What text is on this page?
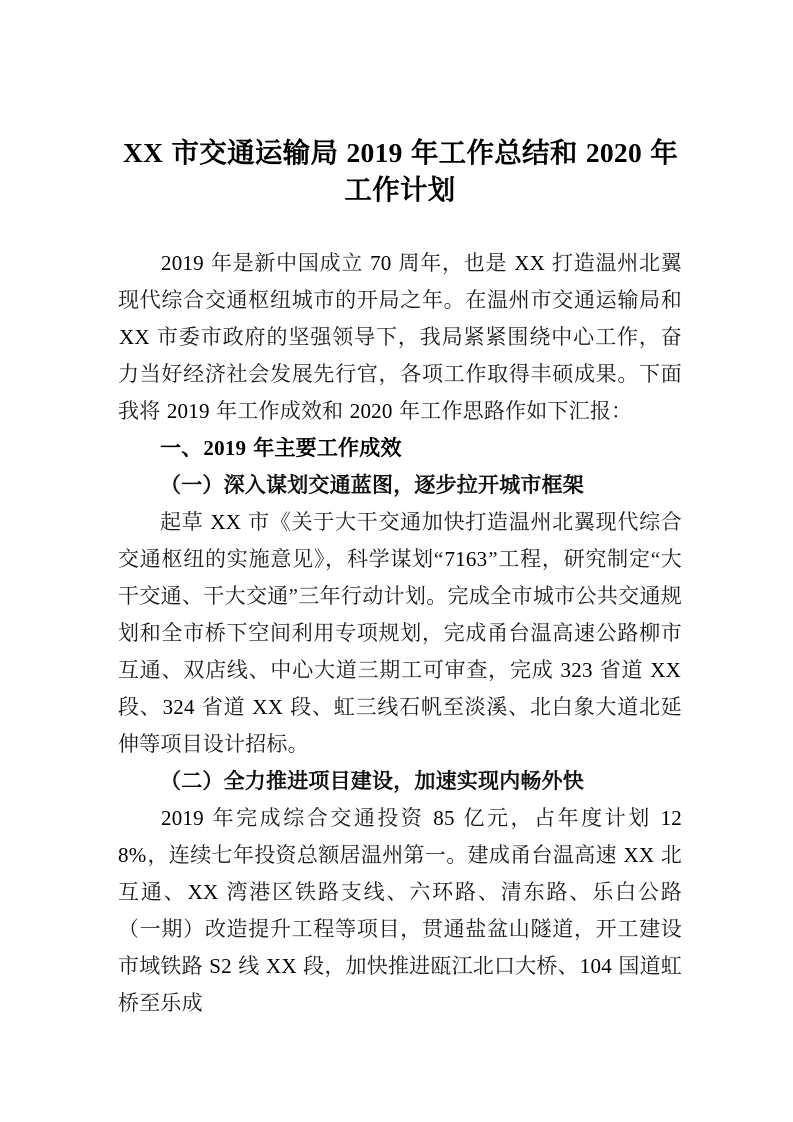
XX 市交通运输局 2019 年工作总结和 2020 年工作计划

2019 年是新中国成立 70 周年，也是 XX 打造温州北翼现代综合交通枢纽城市的开局之年。在温州市交通运输局和 XX 市委市政府的坚强领导下，我局紧紧围绕中心工作，奋力当好经济社会发展先行官，各项工作取得丰硕成果。下面我将 2019 年工作成效和 2020 年工作思路作如下汇报：

一、2019 年主要工作成效

（一）深入谋划交通蓝图，逐步拉开城市框架

起草 XX 市《关于大干交通加快打造温州北翼现代综合交通枢纽的实施意见》，科学谋划“7163”工程，研究制定“大干交通、干大交通”三年行动计划。完成全市城市公共交通规划和全市桥下空间利用专项规划，完成甬台温高速公路柳市互通、双店线、中心大道三期工可审查，完成 323 省道 XX 段、324 省道 XX 段、虹三线石帆至淡溪、北白象大道北延伸等项目设计招标。

（二）全力推进项目建设，加速实现内畅外快

2019 年完成综合交通投资 85 亿元，占年度计划 128%，连续七年投资总额居温州第一。建成甬台温高速 XX 北互通、XX 湾港区铁路支线、六环路、清东路、乐白公路（一期）改造提升工程等项目，贯通盐盆山隧道，开工建设市域铁路 S2 线 XX 段，加快推进瓯江北口大桥、104 国道虹桥至乐成
